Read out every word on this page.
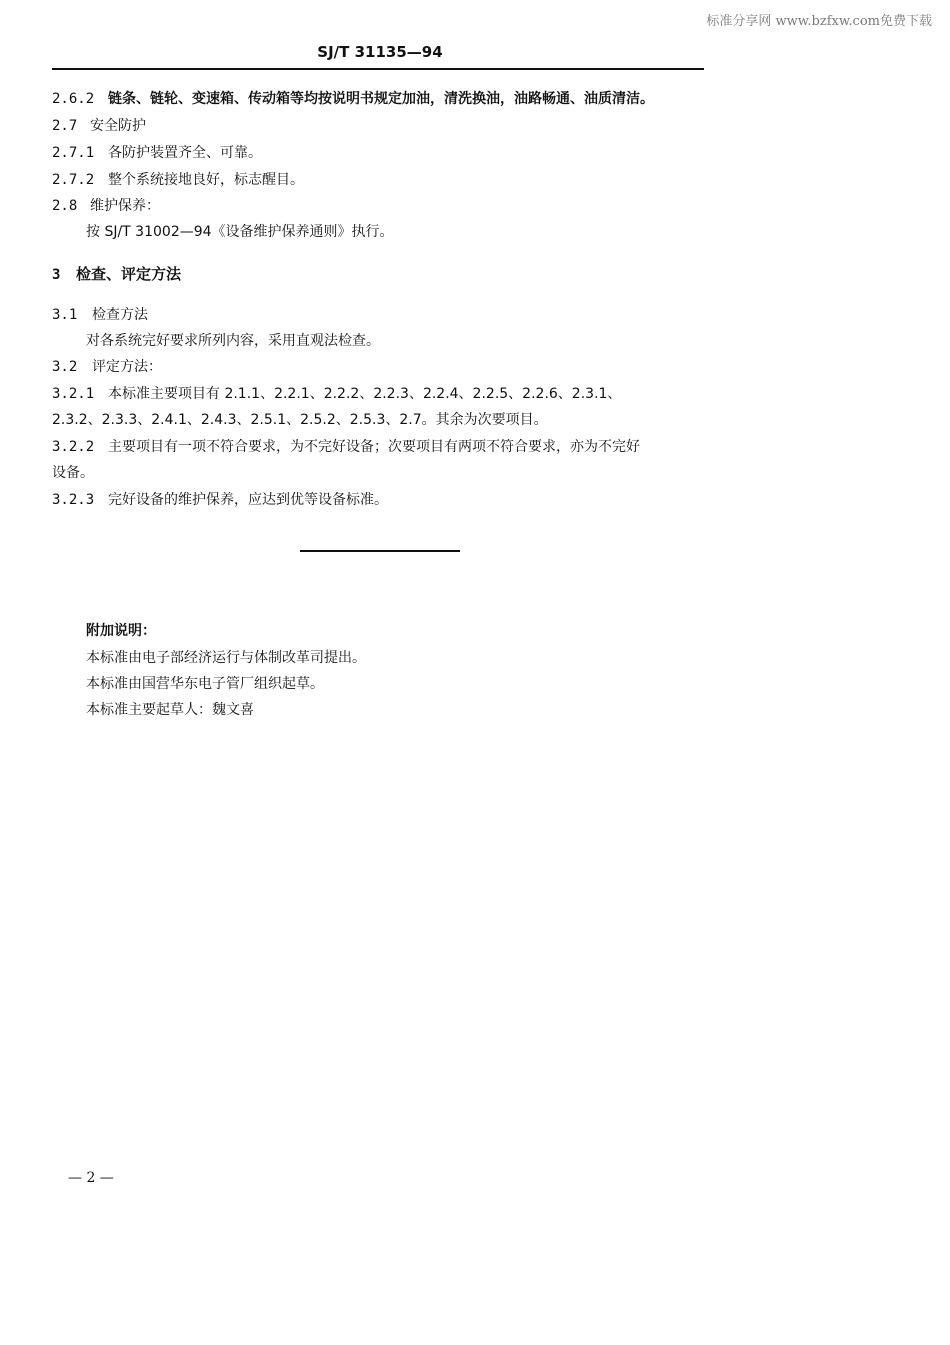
标准分享网 www.bzfxw.com免费下载
SJ/T 31135—94
2.6.2 链条、链轮、变速箱、传动箱等均按说明书规定加油，清洗换油，油路畅通、油质清洁。
2.7 安全防护
2.7.1 各防护装置齐全、可靠。
2.7.2 整个系统接地良好，标志醒目。
2.8 维护保养：
按 SJ/T 31002—94《设备维护保养通则》执行。
3 检查、评定方法
3.1 检查方法
对各系统完好要求所列内容，采用直观法检查。
3.2 评定方法：
3.2.1 本标准主要项目有 2.1.1、2.2.1、2.2.2、2.2.3、2.2.4、2.2.5、2.2.6、2.3.1、
2.3.2、2.3.3、2.4.1、2.4.3、2.5.1、2.5.2、2.5.3、2.7。其余为次要项目。
3.2.2 主要项目有一项不符合要求，为不完好设备；次要项目有两项不符合要求，亦为不完好
设备。
3.2.3 完好设备的维护保养，应达到优等设备标准。
附加说明：
本标准由电子部经济运行与体制改革司提出。
本标准由国营华东电子管厂组织起草。
本标准主要起草人：魏文喜
— 2 —
